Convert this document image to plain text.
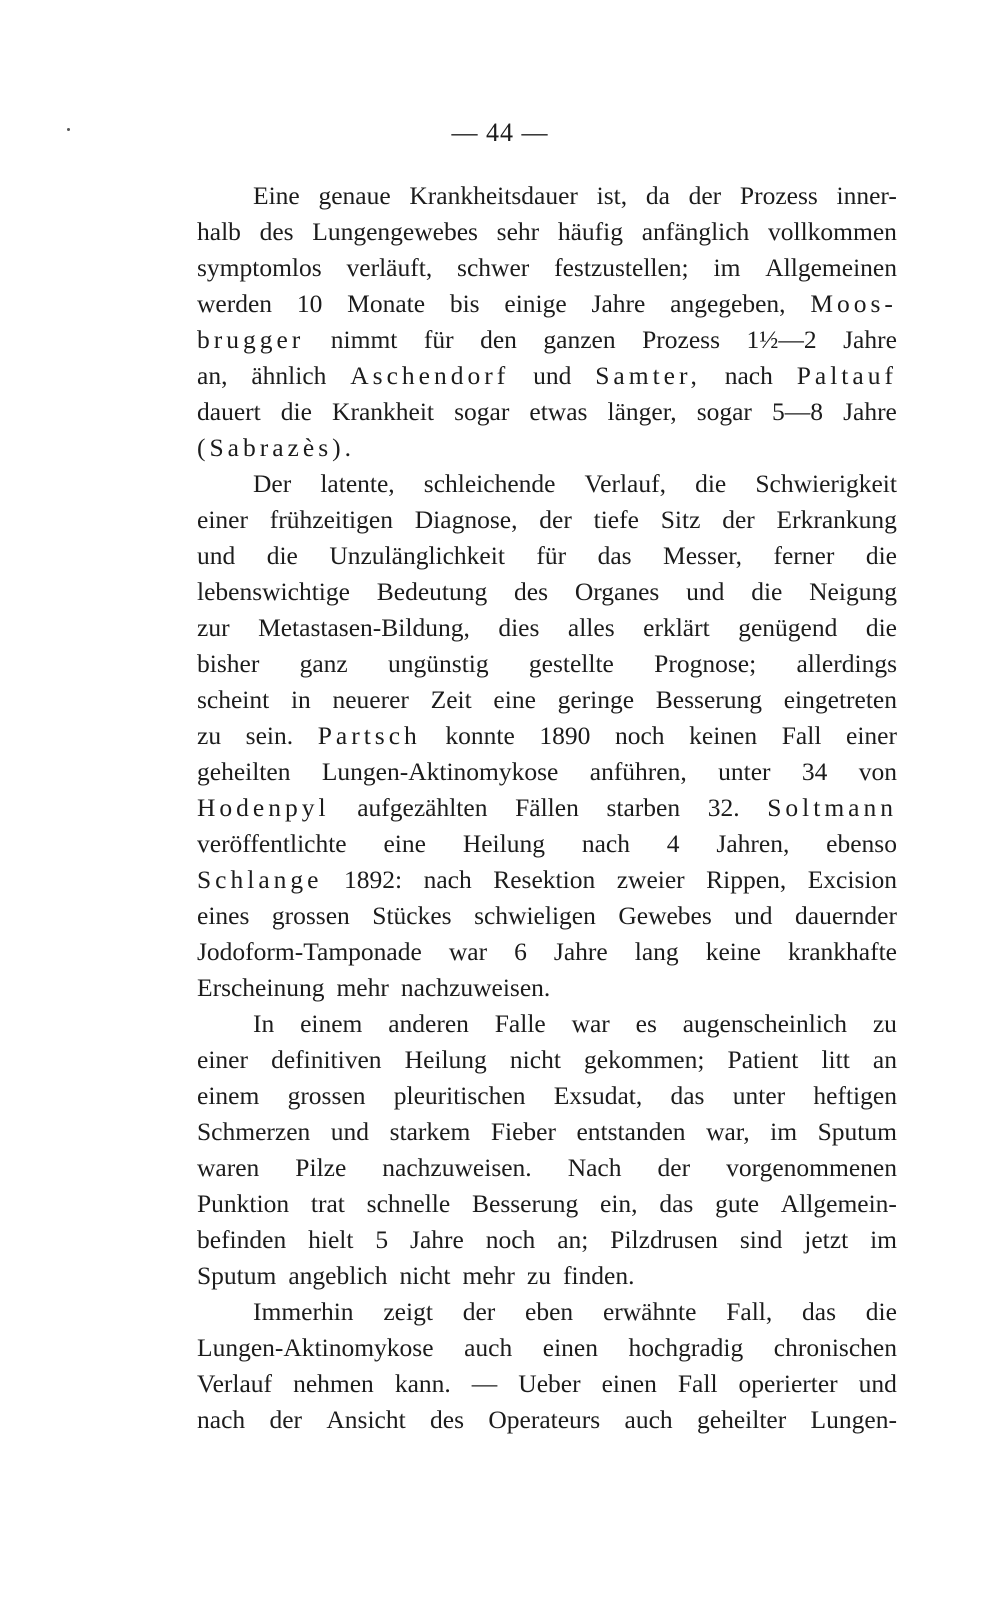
— 44 —
Eine genaue Krankheitsdauer ist, da der Prozess inner-
halb des Lungengewebes sehr häufig anfänglich vollkommen
symptomlos verläuft, schwer festzustellen; im Allgemeinen
werden 10 Monate bis einige Jahre angegeben, Moos-
brugger nimmt für den ganzen Prozess 1½—2 Jahre
an, ähnlich Aschendorf und Samter, nach Paltauf
dauert die Krankheit sogar etwas länger, sogar 5—8 Jahre
(Sabrazès).
Der latente, schleichende Verlauf, die Schwierigkeit
einer frühzeitigen Diagnose, der tiefe Sitz der Erkrankung
und die Unzulänglichkeit für das Messer, ferner die
lebenswichtige Bedeutung des Organes und die Neigung
zur Metastasen-Bildung, dies alles erklärt genügend die
bisher ganz ungünstig gestellte Prognose; allerdings
scheint in neuerer Zeit eine geringe Besserung eingetreten
zu sein. Partsch konnte 1890 noch keinen Fall einer
geheilten Lungen-Aktinomykose anführen, unter 34 von
Hodenpyl aufgezählten Fällen starben 32. Soltmann
veröffentlichte eine Heilung nach 4 Jahren, ebenso
Schlange 1892: nach Resektion zweier Rippen, Excision
eines grossen Stückes schwieligen Gewebes und dauernder
Jodoform-Tamponade war 6 Jahre lang keine krankhafte
Erscheinung mehr nachzuweisen.
In einem anderen Falle war es augenscheinlich zu
einer definitiven Heilung nicht gekommen; Patient litt an
einem grossen pleuritischen Exsudat, das unter heftigen
Schmerzen und starkem Fieber entstanden war, im Sputum
waren Pilze nachzuweisen. Nach der vorgenommenen
Punktion trat schnelle Besserung ein, das gute Allgemein-
befinden hielt 5 Jahre noch an; Pilzdrusen sind jetzt im
Sputum angeblich nicht mehr zu finden.
Immerhin zeigt der eben erwähnte Fall, das die
Lungen-Aktinomykose auch einen hochgradig chronischen
Verlauf nehmen kann. — Ueber einen Fall operierter und
nach der Ansicht des Operateurs auch geheilter Lungen-
